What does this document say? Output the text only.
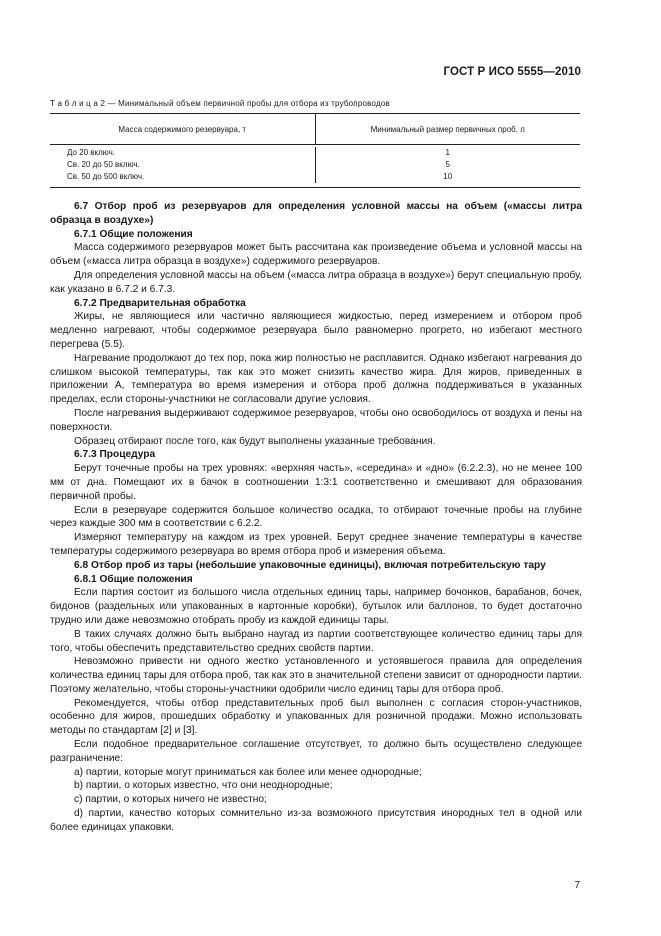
ГОСТ Р ИСО 5555—2010
Т а б л и ц а 2 — Минимальный объем первичной пробы для отбора из трубопроводов
Масса содержимого резервуара, т	Минимальный размер первичных проб, л
До 20 включ.
Св. 20 до 50 включ.
Св. 50 до 500 включ.
1
5
10

6.7 Отбор проб из резервуаров для определения условной массы на объем («массы литра образца в воздухе»)

6.7.1 Общие положения

Масса содержимого резервуаров может быть рассчитана как произведение объема и условной массы на объем («масса литра образца в воздухе») содержимого резервуаров.

Для определения условной массы на объем («масса литра образца в воздухе») берут специальную пробу, как указано в 6.7.2 и 6.7.3.

6.7.2 Предварительная обработка

Жиры, не являющиеся или частично являющиеся жидкостью, перед измерением и отбором проб медленно нагревают, чтобы содержимое резервуара было равномерно прогрето, но избегают местного перегрева (5.5).

Нагревание продолжают до тех пор, пока жир полностью не расплавится. Однако избегают нагревания до слишком высокой температуры, так как это может снизить качество жира. Для жиров, приведенных в приложении А, температура во время измерения и отбора проб должна поддерживаться в указанных пределах, если стороны-участники не согласовали другие условия.

После нагревания выдерживают содержимое резервуаров, чтобы оно освободилось от воздуха и пены на поверхности.

Образец отбирают после того, как будут выполнены указанные требования.

6.7.3 Процедура

Берут точечные пробы на трех уровнях: «верхняя часть», «середина» и «дно» (6.2.2.3), но не менее 100 мм от дна. Помещают их в бачок в соотношении 1:3:1 соответственно и смешивают для образования первичной пробы.

Если в резервуаре содержится большое количество осадка, то отбирают точечные пробы на глубине через каждые 300 мм в соответствии с 6.2.2.

Измеряют температуру на каждом из трех уровней. Берут среднее значение температуры в качестве температуры содержимого резервуара во время отбора проб и измерения объема.

6.8 Отбор проб из тары (небольшие упаковочные единицы), включая потребительскую тару

6.8.1 Общие положения

Если партия состоит из большого числа отдельных единиц тары, например бочонков, барабанов, бочек, бидонов (раздельных или упакованных в картонные коробки), бутылок или баллонов, то будет достаточно трудно или даже невозможно отобрать пробу из каждой единицы тары.

В таких случаях должно быть выбрано наугад из партии соответствующее количество единиц тары для того, чтобы обеспечить представительство средних свойств партии.

Невозможно привести ни одного жестко установленного и устоявшегося правила для определения количества единиц тары для отбора проб, так как это в значительной степени зависит от однородности партии. Поэтому желательно, чтобы стороны-участники одобрили число единиц тары для отбора проб.

Рекомендуется, чтобы отбор представительных проб был выполнен с согласия сторон-участников, особенно для жиров, прошедших обработку и упакованных для розничной продажи. Можно использовать методы по стандартам [2] и [3].

Если подобное предварительное соглашение отсутствует, то должно быть осуществлено следующее разграничение:

а) партии, которые могут приниматься как более или менее однородные;

b) партии, о которых известно, что они неоднородные;

c) партии, о которых ничего не известно;

d) партии, качество которых сомнительно из-за возможного присутствия инородных тел в одной или более единицах упаковки.

7
